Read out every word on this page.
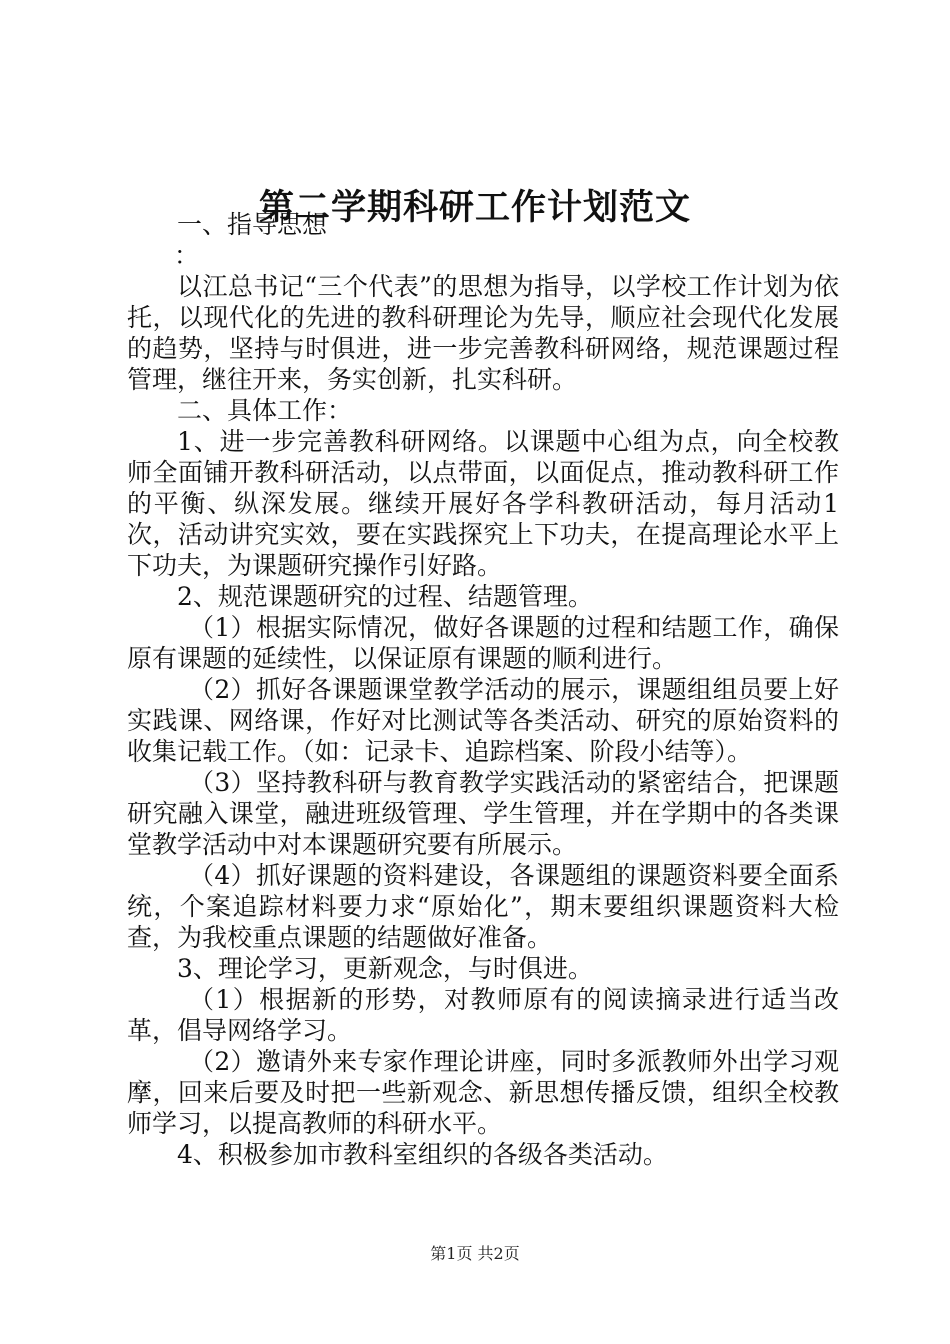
第二学期科研工作计划范文

一、指导思想

：

以江总书记“三个代表”的思想为指导，以学校工作计划为依托，以现代化的先进的教科研理论为先导，顺应社会现代化发展的趋势，坚持与时俱进，进一步完善教科研网络，规范课题过程管理，继往开来，务实创新，扎实科研。

二、具体工作：

1、进一步完善教科研网络。以课题中心组为点，向全校教师全面铺开教科研活动，以点带面，以面促点，推动教科研工作的平衡、纵深发展。继续开展好各学科教研活动，每月活动1次，活动讲究实效，要在实践探究上下功夫，在提高理论水平上下功夫，为课题研究操作引好路。

2、规范课题研究的过程、结题管理。

（1）根据实际情况，做好各课题的过程和结题工作，确保原有课题的延续性，以保证原有课题的顺利进行。

（2）抓好各课题课堂教学活动的展示，课题组组员要上好实践课、网络课，作好对比测试等各类活动、研究的原始资料的收集记载工作。（如：记录卡、追踪档案、阶段小结等）。

（3）坚持教科研与教育教学实践活动的紧密结合，把课题研究融入课堂，融进班级管理、学生管理，并在学期中的各类课堂教学活动中对本课题研究要有所展示。

（4）抓好课题的资料建设，各课题组的课题资料要全面系统，个案追踪材料要力求“原始化”，期末要组织课题资料大检查，为我校重点课题的结题做好准备。

3、理论学习，更新观念，与时俱进。

（1）根据新的形势，对教师原有的阅读摘录进行适当改革，倡导网络学习。

（2）邀请外来专家作理论讲座，同时多派教师外出学习观摩，回来后要及时把一些新观念、新思想传播反馈，组织全校教师学习，以提高教师的科研水平。

4、积极参加市教科室组织的各级各类活动。

第1页 共2页
